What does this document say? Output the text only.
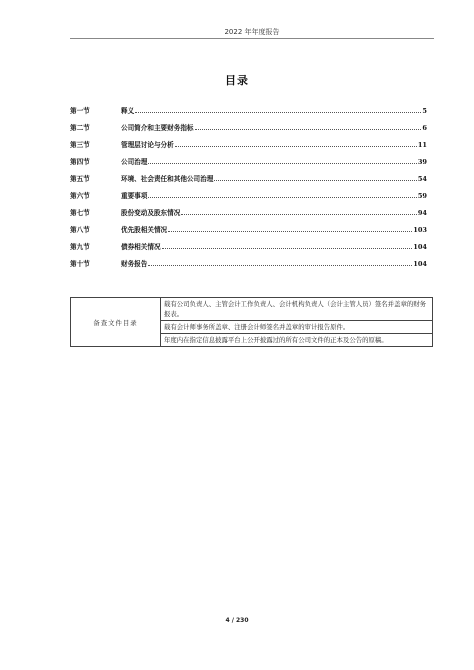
2022 年年度报告
目录
第一节	释义	5
第二节	公司简介和主要财务指标	6
第三节	管理层讨论与分析	11
第四节	公司治理	39
第五节	环境、社会责任和其他公司治理	54
第六节	重要事项	59
第七节	股份变动及股东情况	94
第八节	优先股相关情况	103
第九节	债券相关情况	104
第十节	财务报告	104
备查文件目录	载有公司负责人、主管会计工作负责人、会计机构负责人（会计主管人员）签名并盖章的财务报表。
载有会计师事务所盖章、注册会计师签名并盖章的审计报告原件。
年度内在指定信息披露平台上公开披露过的所有公司文件的正本及公告的原稿。
4 / 230
